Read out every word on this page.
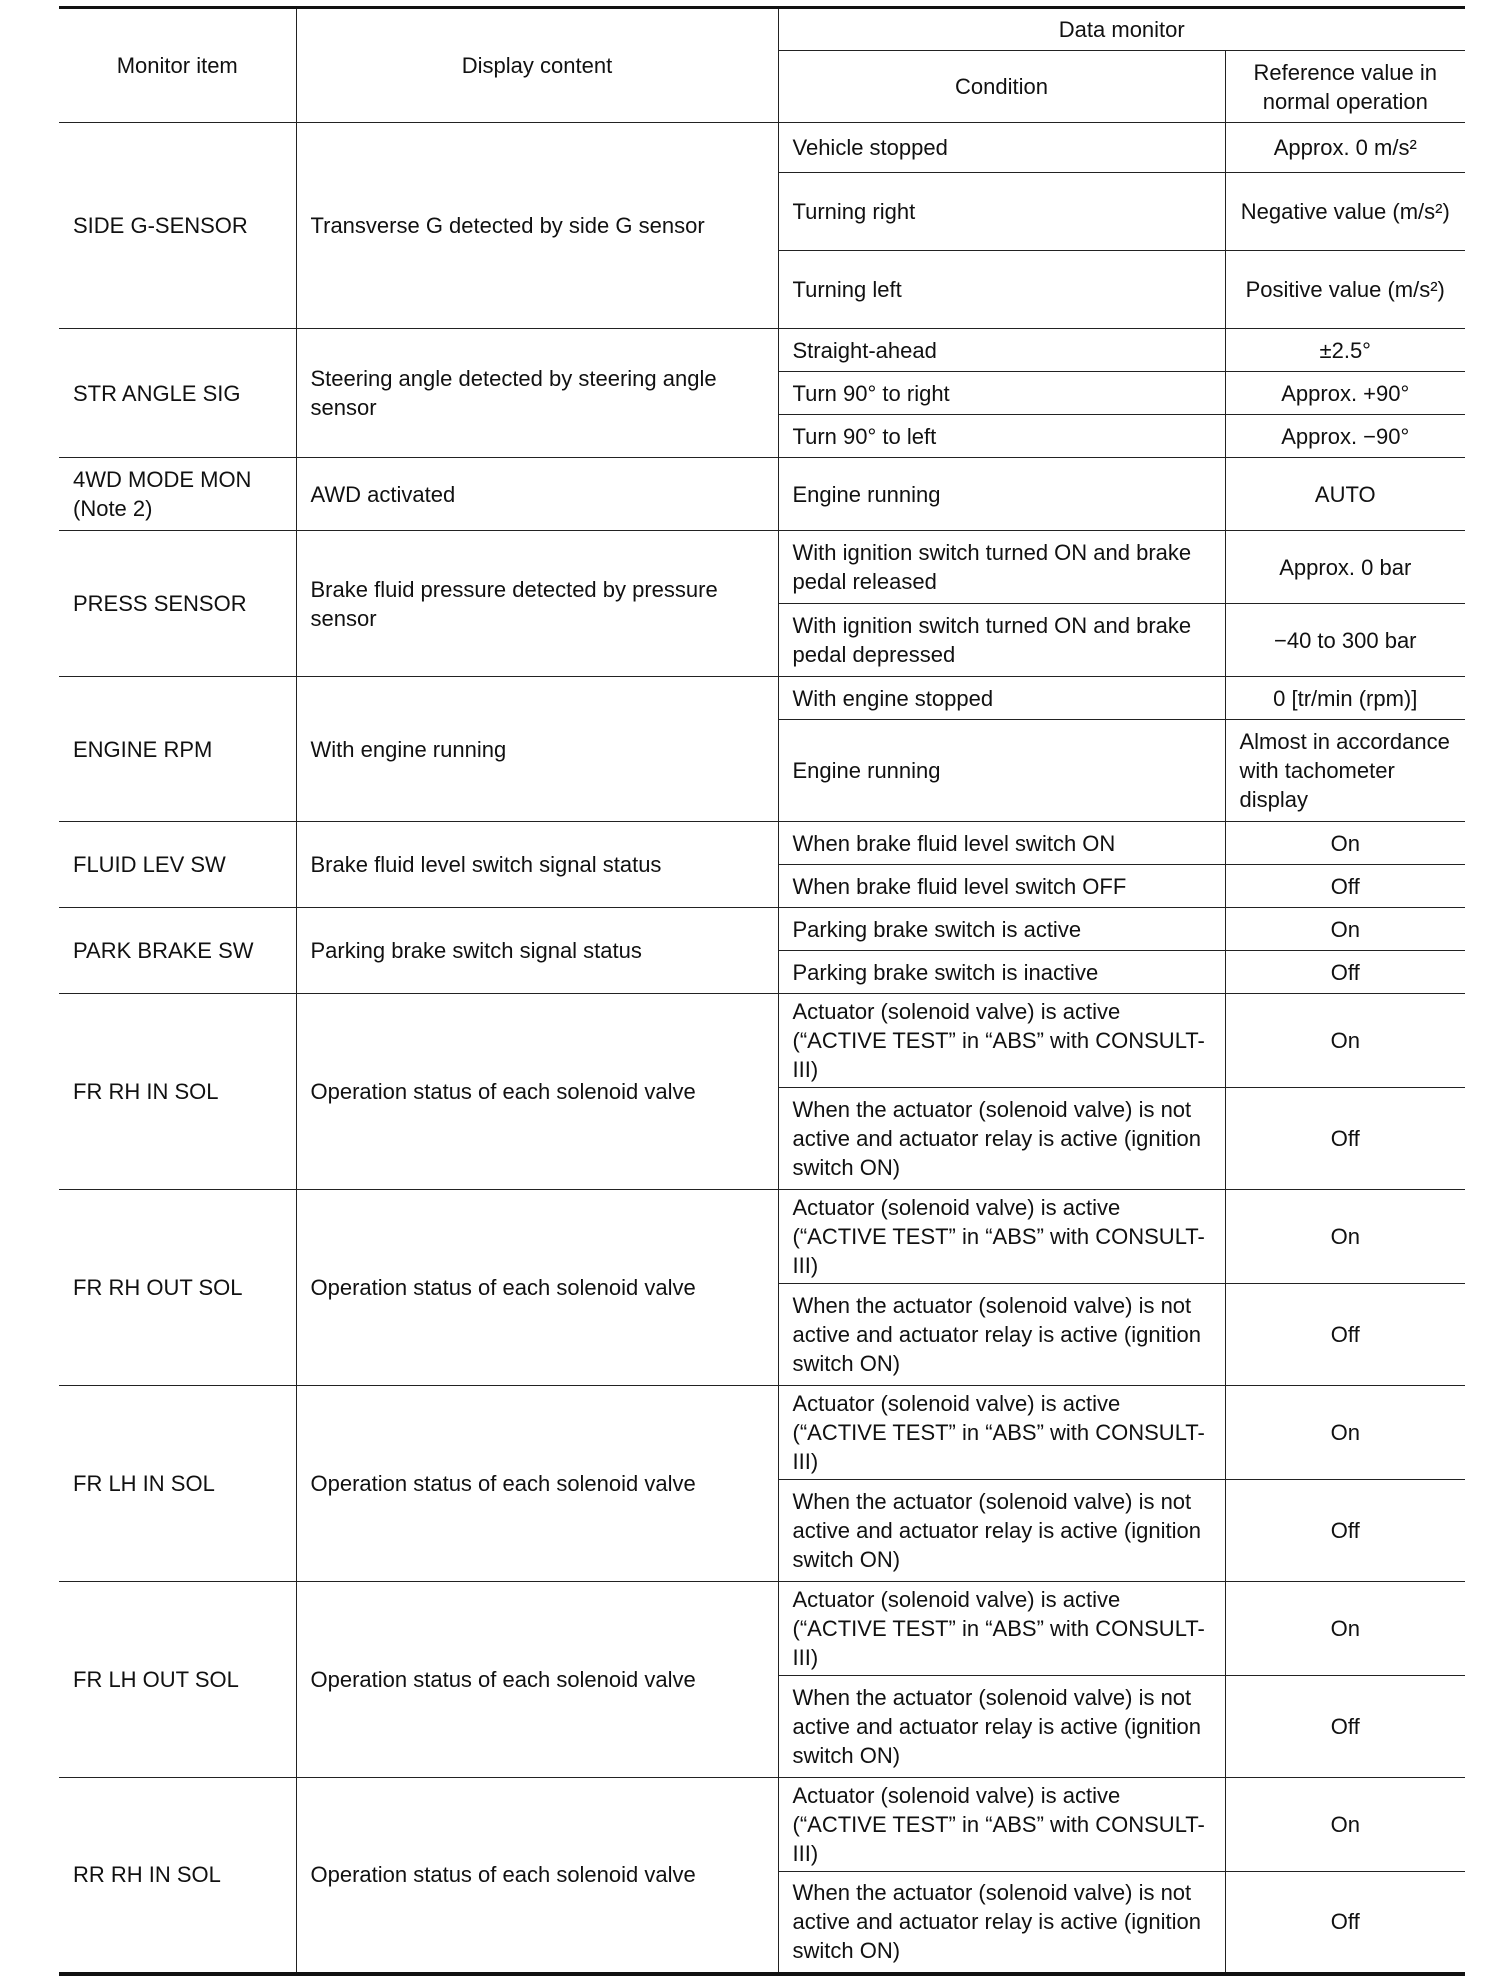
Monitor item	Display content	Data monitor	
		Condition	Reference value in normal operation
SIDE G-SENSOR	Transverse G detected by side G sensor	Vehicle stopped	Approx. 0 m/s²
		Turning right	Negative value (m/s²)
		Turning left	Positive value (m/s²)
STR ANGLE SIG	Steering angle detected by steering angle sensor	Straight-ahead	±2.5°
		Turn 90° to right	Approx. +90°
		Turn 90° to left	Approx. −90°
4WD MODE MON (Note 2)	AWD activated	Engine running	AUTO
PRESS SENSOR	Brake fluid pressure detected by pressure sensor	With ignition switch turned ON and brake pedal released	Approx. 0 bar
		With ignition switch turned ON and brake pedal depressed	−40 to 300 bar
ENGINE RPM	With engine running	With engine stopped	0 [tr/min (rpm)]
		Engine running	Almost in accordance with tachometer display
FLUID LEV SW	Brake fluid level switch signal status	When brake fluid level switch ON	On
		When brake fluid level switch OFF	Off
PARK BRAKE SW	Parking brake switch signal status	Parking brake switch is active	On
		Parking brake switch is inactive	Off
FR RH IN SOL	Operation status of each solenoid valve	Actuator (solenoid valve) is active (“ACTIVE TEST” in “ABS” with CONSULT-III)	On
		When the actuator (solenoid valve) is not active and actuator relay is active (ignition switch ON)	Off
FR RH OUT SOL	Operation status of each solenoid valve	Actuator (solenoid valve) is active (“ACTIVE TEST” in “ABS” with CONSULT-III)	On
		When the actuator (solenoid valve) is not active and actuator relay is active (ignition switch ON)	Off
FR LH IN SOL	Operation status of each solenoid valve	Actuator (solenoid valve) is active (“ACTIVE TEST” in “ABS” with CONSULT-III)	On
		When the actuator (solenoid valve) is not active and actuator relay is active (ignition switch ON)	Off
FR LH OUT SOL	Operation status of each solenoid valve	Actuator (solenoid valve) is active (“ACTIVE TEST” in “ABS” with CONSULT-III)	On
		When the actuator (solenoid valve) is not active and actuator relay is active (ignition switch ON)	Off
RR RH IN SOL	Operation status of each solenoid valve	Actuator (solenoid valve) is active (“ACTIVE TEST” in “ABS” with CONSULT-III)	On
		When the actuator (solenoid valve) is not active and actuator relay is active (ignition switch ON)	Off
